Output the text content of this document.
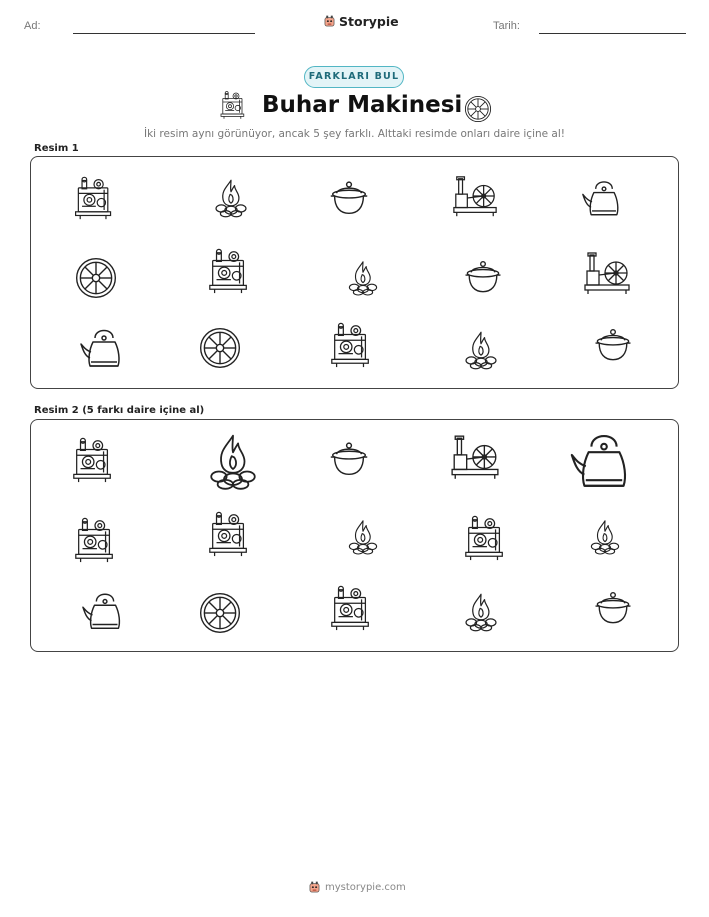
Ad:	Storypie	Tarih:
FARKLARI BUL
Buhar Makinesi
İki resim aynı görünüyor, ancak 5 şey farklı. Alttaki resimde onları daire içine al!
Resim 1
Resim 2 (5 farkı daire içine al)
mystorypie.com
